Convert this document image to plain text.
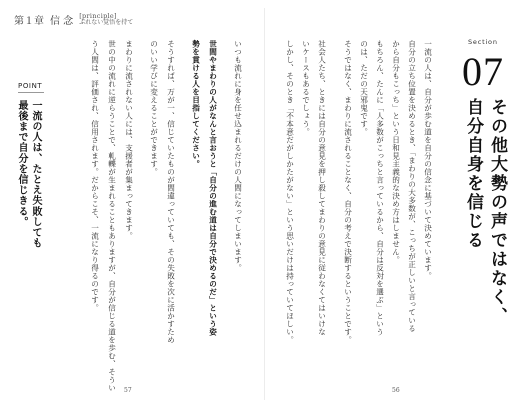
第１章 信 念
[principle]
ぶれない覚悟を持て
POINT
一流の人は、たとえ失敗しても
最後まで自分を信じきる。	いつも流れに身を任せ込まれるだけの人間になってしまいます。
世間やまわりの人がなんと言おうと「自分の進む道は自分で決めるのだ」という姿
勢を貫ける人を目指してください。
そうすれば、万が一、信じていたものが間違っていても、その失敗を次に活かすため
のいい学びに変えることができます。
まわりに流されない人には、支援者が集まってきます。
世の中の流れに逆らうことで、軋轢が生まれることもありますが、自分が信じる道を歩む、そうい
う人間は、評価され、信用されます。だからこそ、一流になり得るのです。
57
Section
07
その他大勢の声ではなく、
自分自身を信じる
一流の人は、自分が歩む道を自分の信念に基づいて決めています。
自分の立ち位置を決めるとき、「まわりの大多数が、こっちが正しいと言っている
から自分もこっち」という日和見主義的な決め方はしません。
もちろん、たんに「人多数がこっちと言っているから、自分は反対を選ぶ」という
のは、ただの天邪鬼です。
そうではなく、まわりに流されることなく、自分の考えで決断するということです。
社会人たち、ときには自分の意見を押し殺してまわりの意見に従わなくてはいけな
いケースもあるでしょう。
しかし、そのとき「不本意だがしかたがない」という思いだけは持っていてほしい。
56
